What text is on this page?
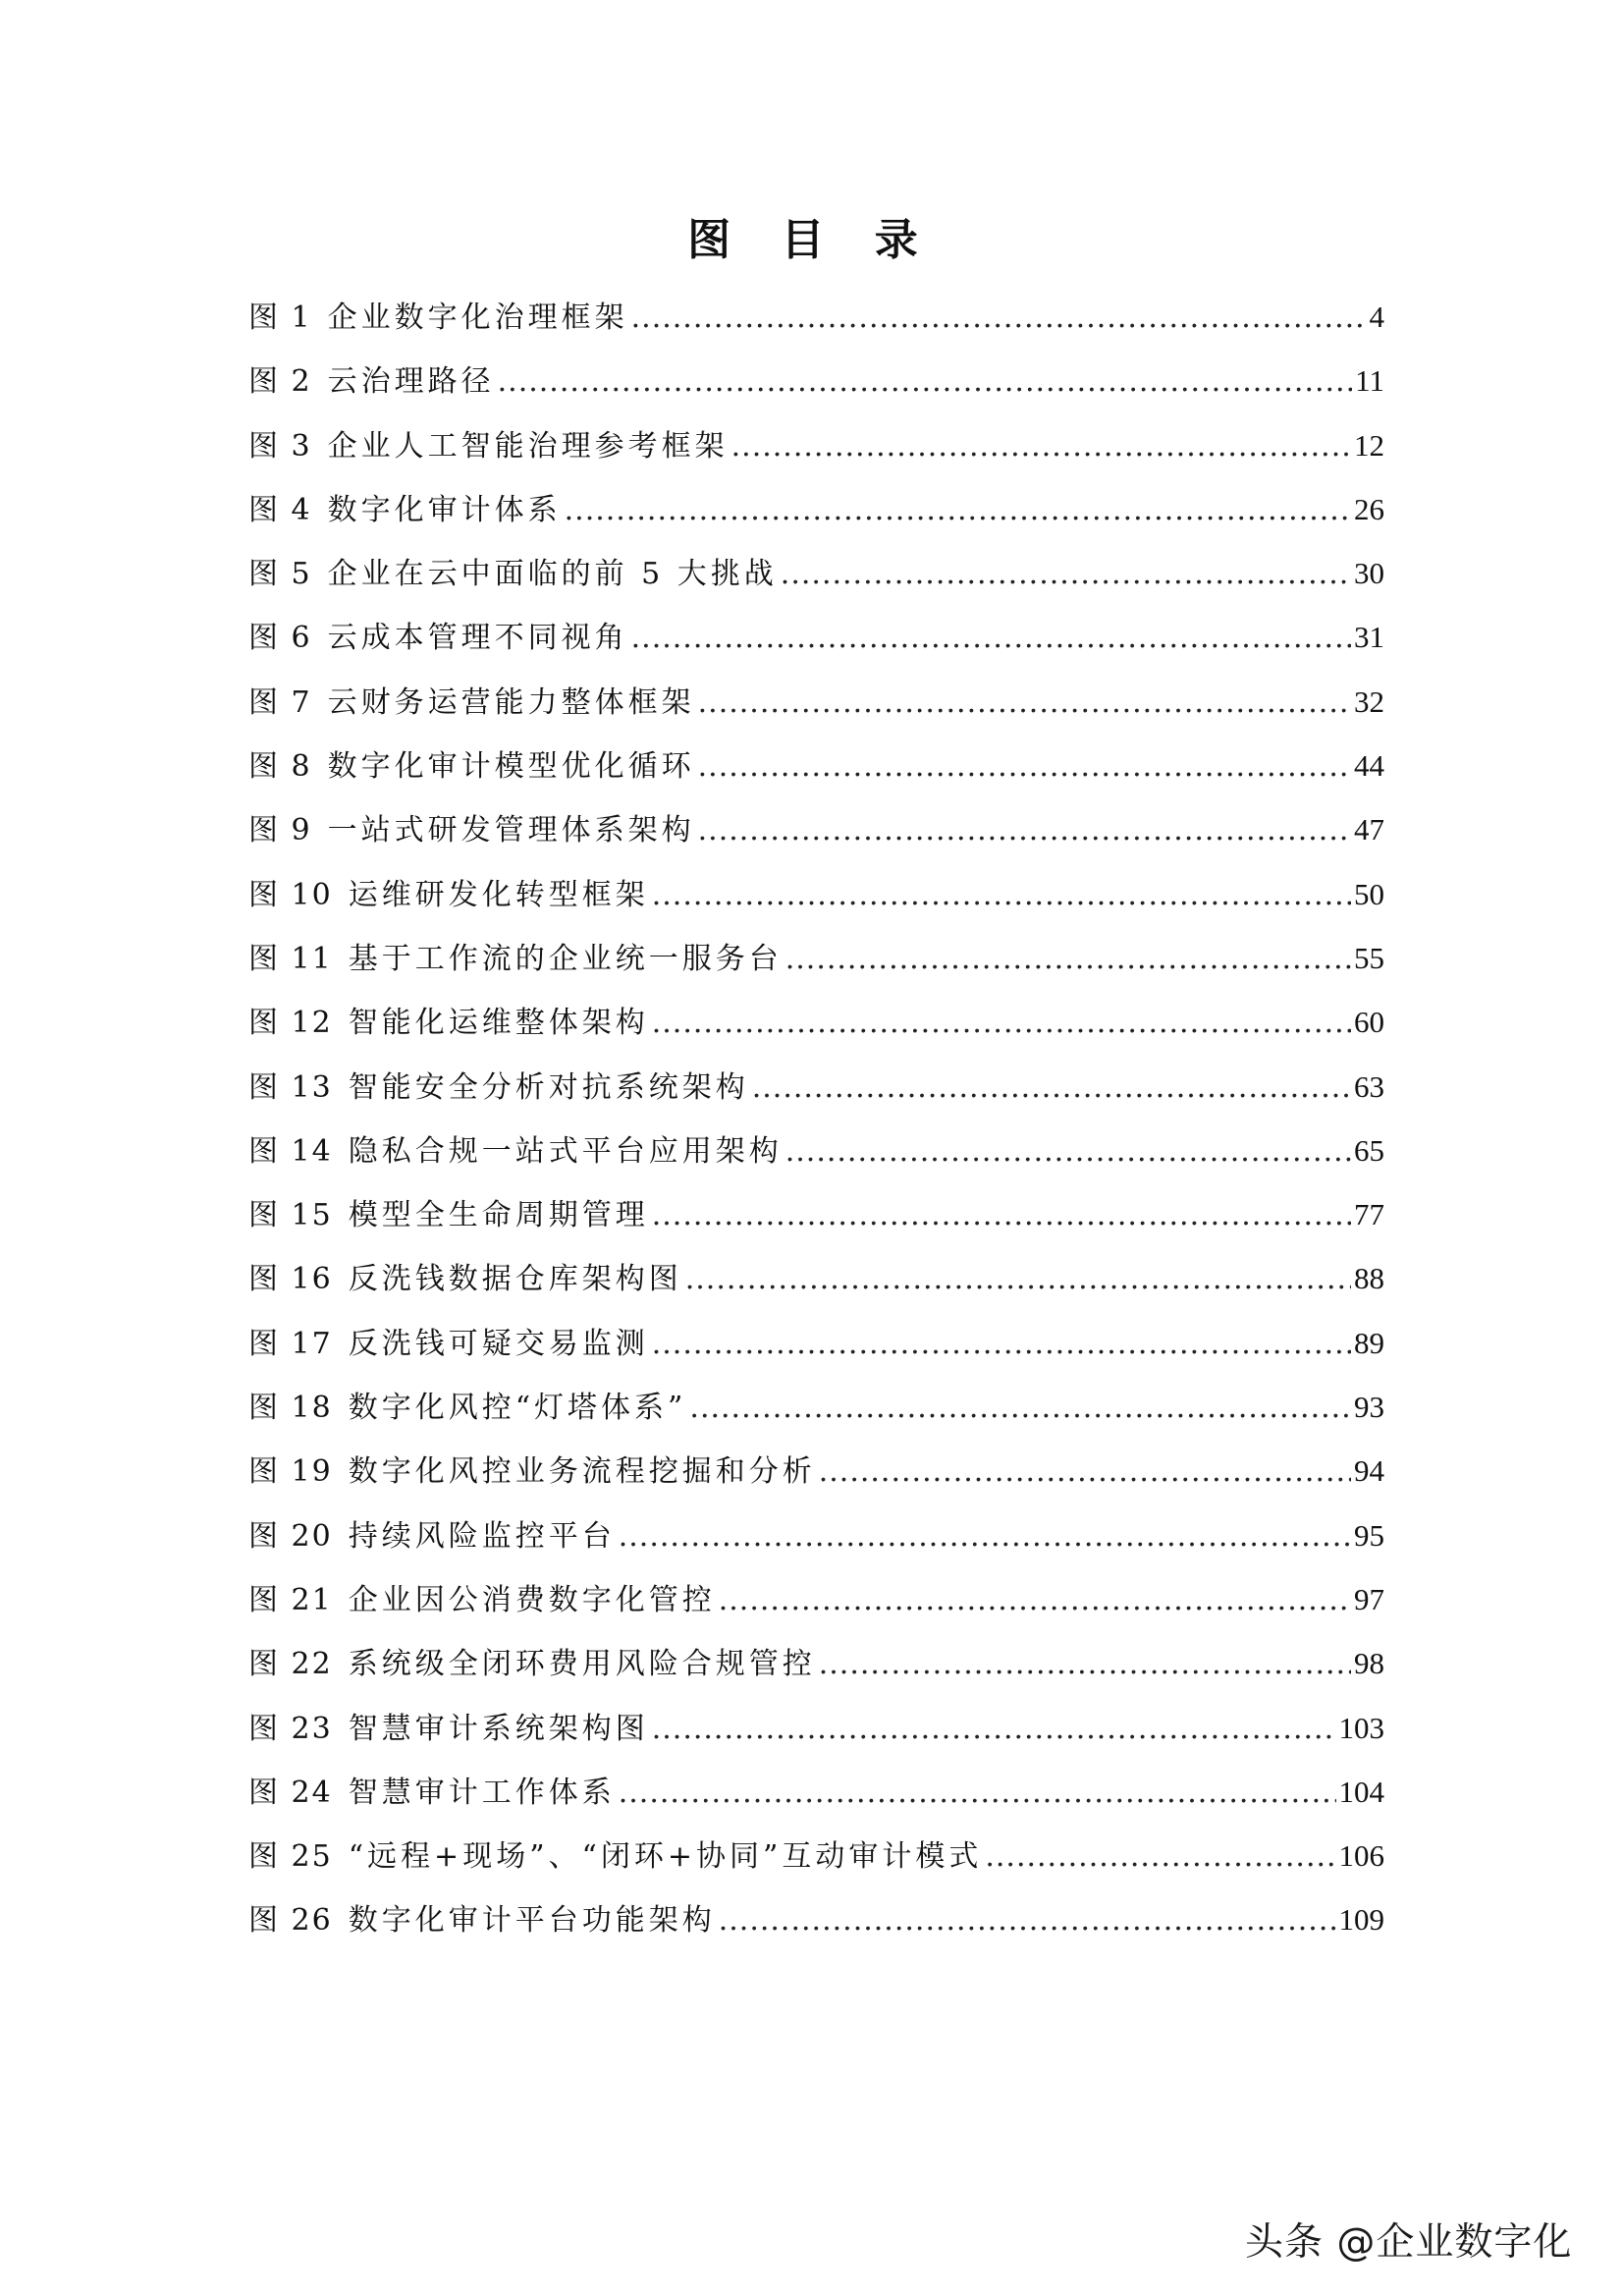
图 目 录
图 1 企业数字化治理框架 .....	4
图 2 云治理路径 .....	11
图 3 企业人工智能治理参考框架 .....	12
图 4 数字化审计体系 .....	26
图 5 企业在云中面临的前 5 大挑战 .....	30
图 6 云成本管理不同视角 .....	31
图 7 云财务运营能力整体框架 .....	32
图 8 数字化审计模型优化循环 .....	44
图 9 一站式研发管理体系架构 .....	47
图 10 运维研发化转型框架 .....	50
图 11 基于工作流的企业统一服务台 .....	55
图 12 智能化运维整体架构 .....	60
图 13 智能安全分析对抗系统架构 .....	63
图 14 隐私合规一站式平台应用架构 .....	65
图 15 模型全生命周期管理 .....	77
图 16 反洗钱数据仓库架构图 .....	88
图 17 反洗钱可疑交易监测 .....	89
图 18 数字化风控“灯塔体系” .....	93
图 19 数字化风控业务流程挖掘和分析 .....	94
图 20 持续风险监控平台 .....	95
图 21 企业因公消费数字化管控 .....	97
图 22 系统级全闭环费用风险合规管控 .....	98
图 23 智慧审计系统架构图 .....	103
图 24 智慧审计工作体系 .....	104
图 25 “远程+现场”、“闭环+协同”互动审计模式 .....	106
图 26 数字化审计平台功能架构 .....	109
头条 @企业数字化
